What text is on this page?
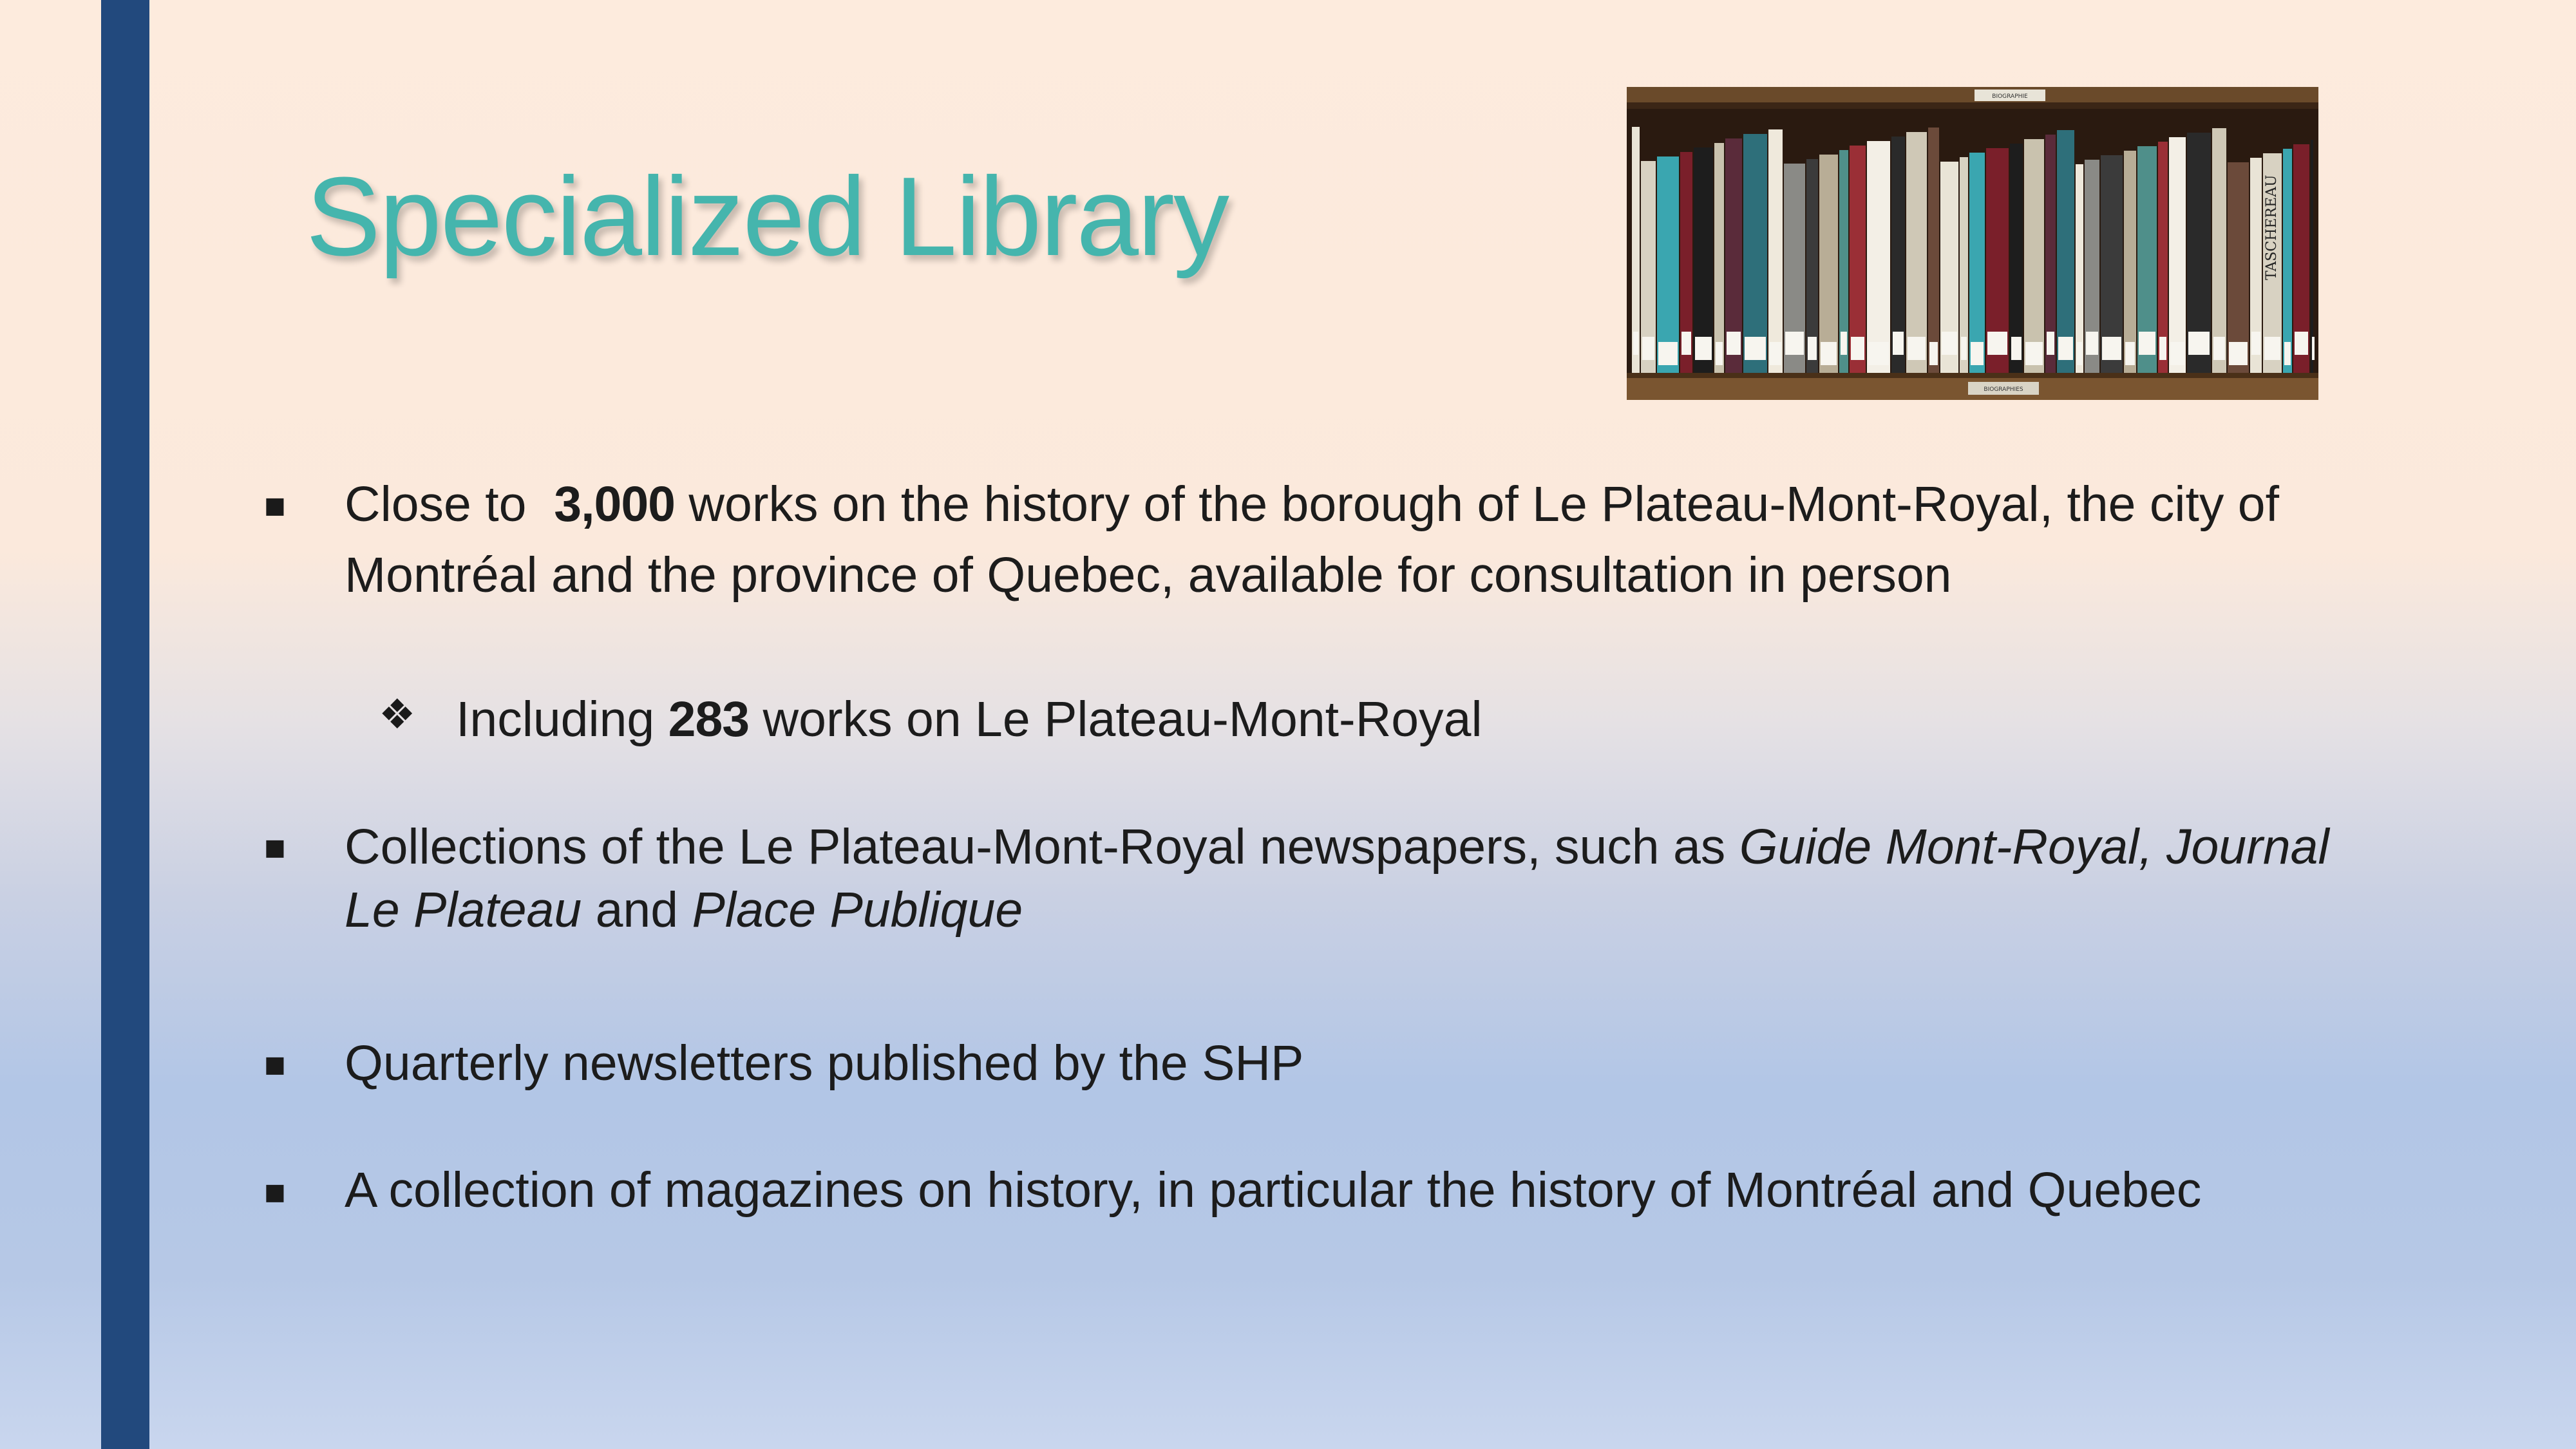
Specialized Library
BIOGRAPHIE
BIOGRAPHIES
TASCHEREAU
■ Close to 3,000 works on the history of the borough of Le Plateau-Mont-Royal, the city of
Montréal and the province of Quebec, available for consultation in person
❖ Including 283 works on Le Plateau-Mont-Royal
■ Collections of the Le Plateau-Mont-Royal newspapers, such as Guide Mont-Royal, Journal
Le Plateau and Place Publique
■ Quarterly newsletters published by the SHP
■ A collection of magazines on history, in particular the history of Montréal and Quebec
